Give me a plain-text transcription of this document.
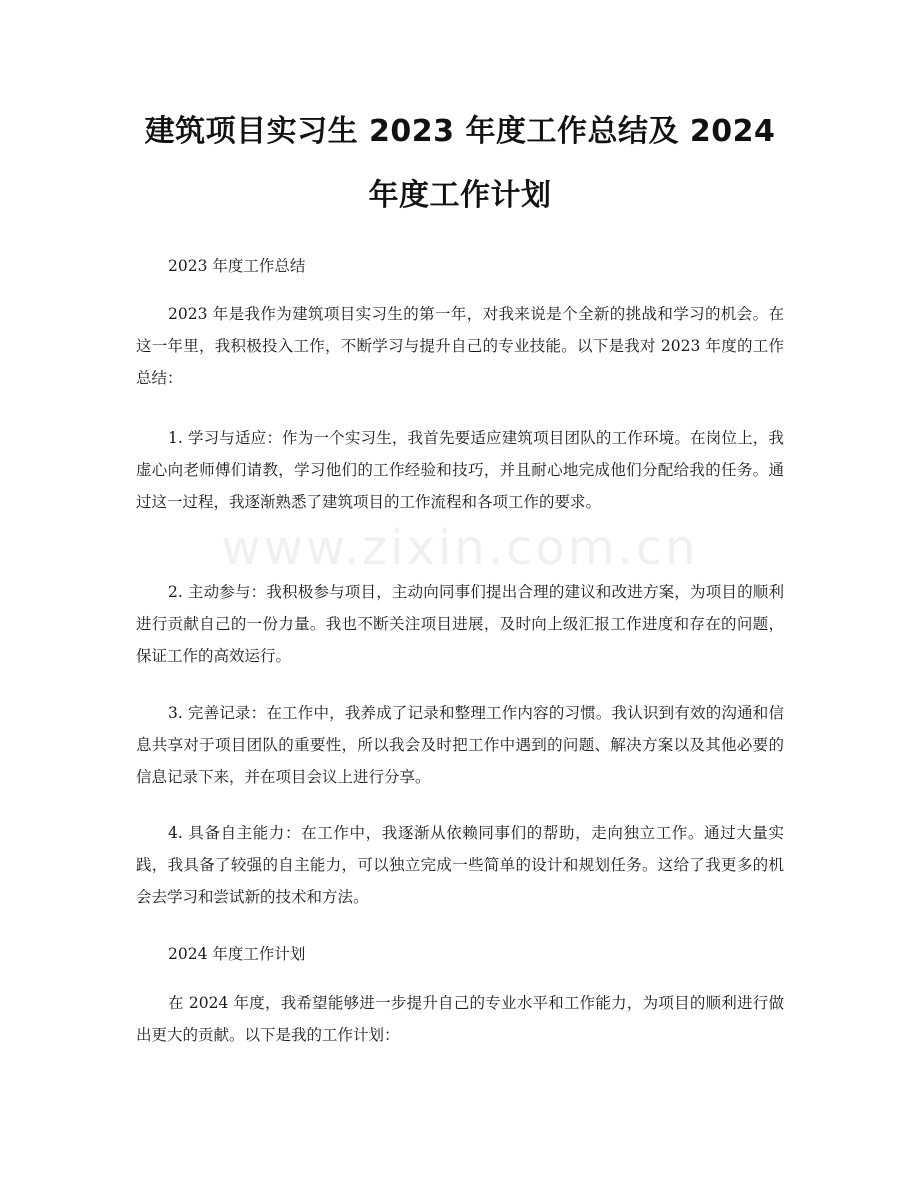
建筑项目实习生 2023 年度工作总结及 2024
年度工作计划

2023 年度工作总结

2023 年是我作为建筑项目实习生的第一年，对我来说是个全新的挑战和学习的机会。在这一年里，我积极投入工作，不断学习与提升自己的专业技能。以下是我对 2023 年度的工作总结：

1. 学习与适应：作为一个实习生，我首先要适应建筑项目团队的工作环境。在岗位上，我虚心向老师傅们请教，学习他们的工作经验和技巧，并且耐心地完成他们分配给我的任务。通过这一过程，我逐渐熟悉了建筑项目的工作流程和各项工作的要求。

2. 主动参与：我积极参与项目，主动向同事们提出合理的建议和改进方案，为项目的顺利进行贡献自己的一份力量。我也不断关注项目进展，及时向上级汇报工作进度和存在的问题，保证工作的高效运行。

3. 完善记录：在工作中，我养成了记录和整理工作内容的习惯。我认识到有效的沟通和信息共享对于项目团队的重要性，所以我会及时把工作中遇到的问题、解决方案以及其他必要的信息记录下来，并在项目会议上进行分享。

4. 具备自主能力：在工作中，我逐渐从依赖同事们的帮助，走向独立工作。通过大量实践，我具备了较强的自主能力，可以独立完成一些简单的设计和规划任务。这给了我更多的机会去学习和尝试新的技术和方法。

2024 年度工作计划

在 2024 年度，我希望能够进一步提升自己的专业水平和工作能力，为项目的顺利进行做出更大的贡献。以下是我的工作计划：

www.zixin.com.cn
